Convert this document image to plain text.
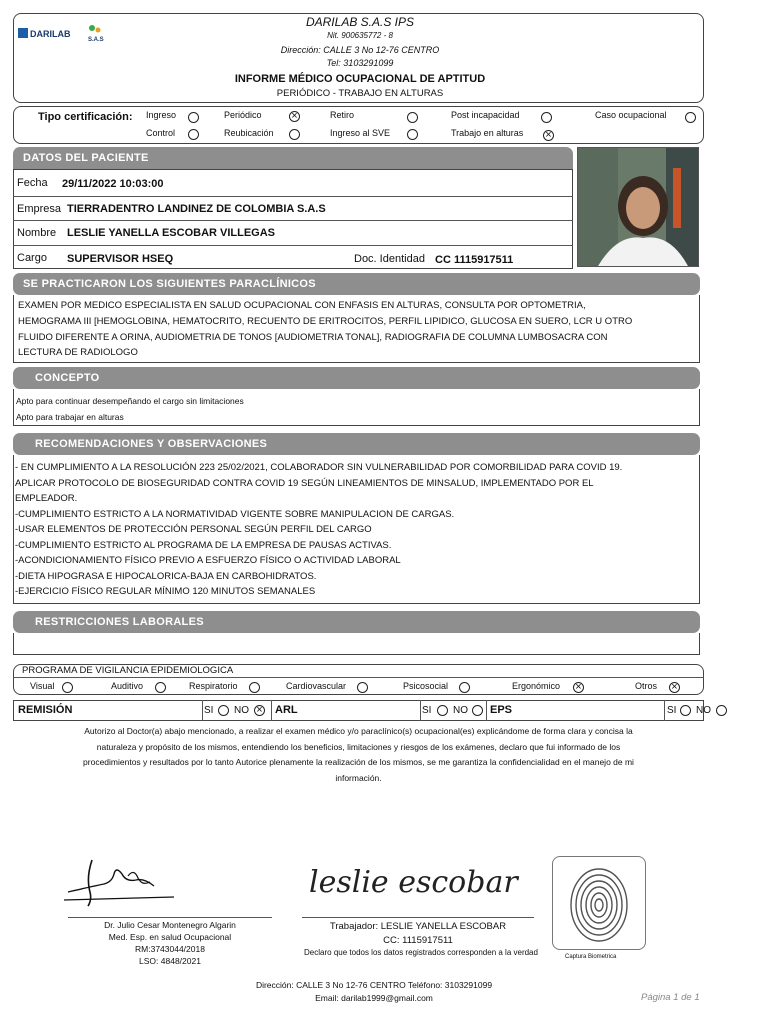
DARILAB
S.A.S
DARILAB S.A.S IPS
Nit. 900635772 - 8
Dirección: CALLE 3 No 12-76 CENTRO
Tel: 3103291099
INFORME MÉDICO OCUPACIONAL DE APTITUD
PERIÓDICO - TRABAJO EN ALTURAS
Tipo certificación: Ingreso	Periódico ×	Retiro	Post incapacidad	Caso ocupacional
Control	Reubicación	Ingreso al SVE	Trabajo en alturas
×
DATOS DEL PACIENTE
Fecha 29/11/2022 10:03:00
Empresa TIERRADENTRO LANDINEZ DE COLOMBIA S.A.S
Nombre LESLIE YANELLA ESCOBAR VILLEGAS
Cargo SUPERVISOR HSEQ	Doc. Identidad CC 1115917511
SE PRACTICARON LOS SIGUIENTES PARACLÍNICOS
EXAMEN POR MEDICO ESPECIALISTA EN SALUD OCUPACIONAL CON ENFASIS EN ALTURAS, CONSULTA POR OPTOMETRIA,
HEMOGRAMA III [HEMOGLOBINA, HEMATOCRITO, RECUENTO DE ERITROCITOS, PERFIL LIPIDICO, GLUCOSA EN SUERO, LCR U OTRO
FLUIDO DIFERENTE A ORINA, AUDIOMETRIA DE TONOS [AUDIOMETRIA TONAL], RADIOGRAFIA DE COLUMNA LUMBOSACRA CON
LECTURA DE RADIOLOGO
CONCEPTO
Apto para continuar desempeñando el cargo sin limitaciones
Apto para trabajar en alturas
RECOMENDACIONES Y OBSERVACIONES
- EN CUMPLIMIENTO A LA RESOLUCIÓN 223 25/02/2021, COLABORADOR SIN VULNERABILIDAD POR COMORBILIDAD PARA COVID 19.
APLICAR PROTOCOLO DE BIOSEGURIDAD CONTRA COVID 19 SEGÚN LINEAMIENTOS DE MINSALUD, IMPLEMENTADO POR EL
EMPLEADOR.
-CUMPLIMIENTO ESTRICTO A LA NORMATIVIDAD VIGENTE SOBRE MANIPULACION DE CARGAS.
-USAR ELEMENTOS DE PROTECCIÓN PERSONAL SEGÚN PERFIL DEL CARGO
-CUMPLIMIENTO ESTRICTO AL PROGRAMA DE LA EMPRESA DE PAUSAS ACTIVAS.
-ACONDICIONAMIENTO FÍSICO PREVIO A ESFUERZO FÍSICO O ACTIVIDAD LABORAL
-DIETA HIPOGRASA E HIPOCALORICA-BAJA EN CARBOHIDRATOS.
-EJERCICIO FÍSICO REGULAR MÍNIMO 120 MINUTOS SEMANALES
RESTRICCIONES LABORALES
PROGRAMA DE VIGILANCIA EPIDEMIOLOGICA
Visual	Auditivo	Respiratorio	Cardiovascular	Psicosocial	Ergonómico ×	Otros
×
REMISIÓN	SI NO × ARL	SI NO EPS	SI NO
Autorizo al Doctor(a) abajo mencionado, a realizar el examen médico y/o paraclínico(s) ocupacional(es) explicándome de forma clara y concisa la
naturaleza y propósito de los mismos, entendiendo los beneficios, limitaciones y riesgos de los exámenes, declaro que fui informado de los
procedimientos y resultados por lo tanto Autorice plenamente la realización de los mismos, se me garantiza la confidencialidad en el manejo de mi
información.
Dr. Julio Cesar Montenegro Algarin
Med. Esp. en salud Ocupacional
RM:3743044/2018
LSO: 4848/2021
leslie escobar
Trabajador: LESLIE YANELLA ESCOBAR
CC: 1115917511
Declaro que todos los datos registrados corresponden a la verdad	Captura Biometrica
Dirección: CALLE 3 No 12-76 CENTRO Teléfono: 3103291099
Email: darilab1999@gmail.com	Página 1 de 1
